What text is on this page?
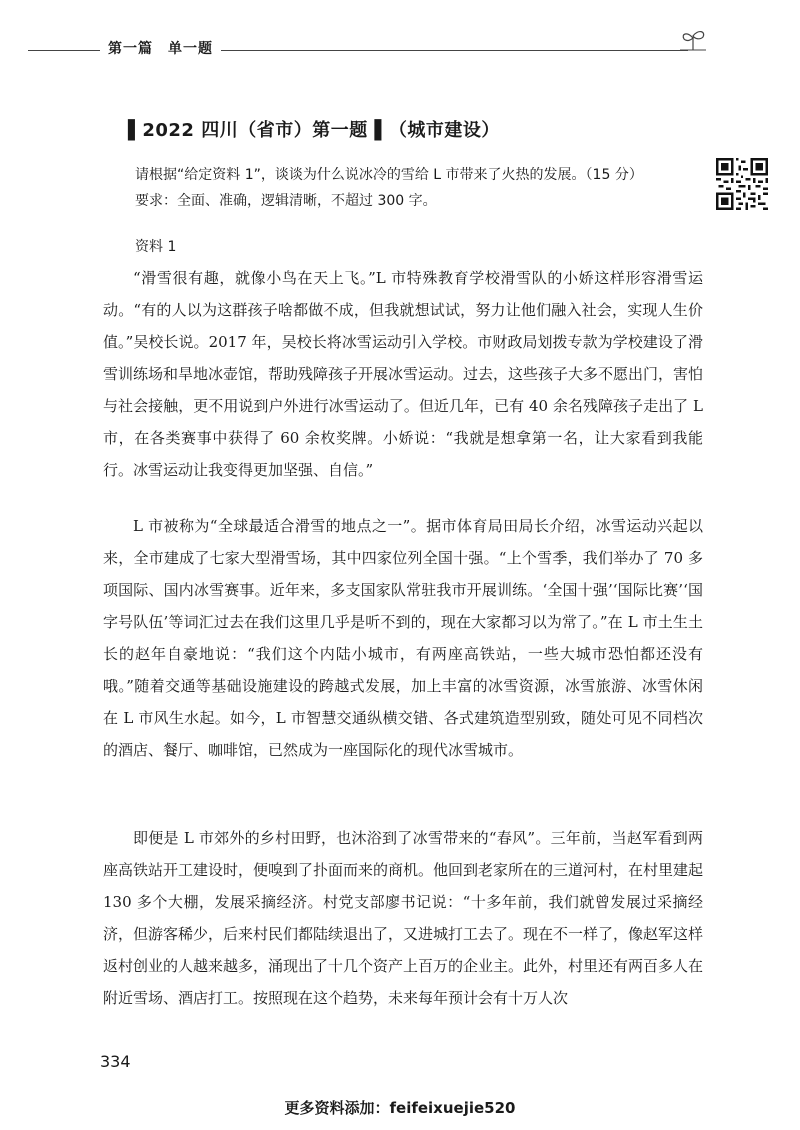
第一篇　单一题
▌2022 四川（省市）第一题 ▌（城市建设）
请根据“给定资料 1”，谈谈为什么说冰冷的雪给 L 市带来了火热的发展。（15 分）
要求：全面、准确，逻辑清晰，不超过 300 字。
资料 1

“滑雪很有趣，就像小鸟在天上飞。”L 市特殊教育学校滑雪队的小娇这样形容滑雪运动。“有的人以为这群孩子啥都做不成，但我就想试试，努力让他们融入社会，实现人生价值。”吴校长说。2017 年，吴校长将冰雪运动引入学校。市财政局划拨专款为学校建设了滑雪训练场和旱地冰壶馆，帮助残障孩子开展冰雪运动。过去，这些孩子大多不愿出门，害怕与社会接触，更不用说到户外进行冰雪运动了。但近几年，已有 40 余名残障孩子走出了 L 市，在各类赛事中获得了 60 余枚奖牌。小娇说：“我就是想拿第一名，让大家看到我能行。冰雪运动让我变得更加坚强、自信。”

L 市被称为“全球最适合滑雪的地点之一”。据市体育局田局长介绍，冰雪运动兴起以来，全市建成了七家大型滑雪场，其中四家位列全国十强。“上个雪季，我们举办了 70 多项国际、国内冰雪赛事。近年来，多支国家队常驻我市开展训练。‘全国十强’‘国际比赛’‘国字号队伍’等词汇过去在我们这里几乎是听不到的，现在大家都习以为常了。”在 L 市土生土长的赵年自豪地说：“我们这个内陆小城市，有两座高铁站，一些大城市恐怕都还没有哦。”随着交通等基础设施建设的跨越式发展，加上丰富的冰雪资源，冰雪旅游、冰雪休闲在 L 市风生水起。如今，L 市智慧交通纵横交错、各式建筑造型别致，随处可见不同档次的酒店、餐厅、咖啡馆，已然成为一座国际化的现代冰雪城市。

即便是 L 市郊外的乡村田野，也沐浴到了冰雪带来的“春风”。三年前，当赵军看到两座高铁站开工建设时，便嗅到了扑面而来的商机。他回到老家所在的三道河村，在村里建起 130 多个大棚，发展采摘经济。村党支部廖书记说：“十多年前，我们就曾发展过采摘经济，但游客稀少，后来村民们都陆续退出了，又进城打工去了。现在不一样了，像赵军这样返村创业的人越来越多，涌现出了十几个资产上百万的企业主。此外，村里还有两百多人在附近雪场、酒店打工。按照现在这个趋势，未来每年预计会有十万人次

334
更多资料添加：feifeixuejie520
